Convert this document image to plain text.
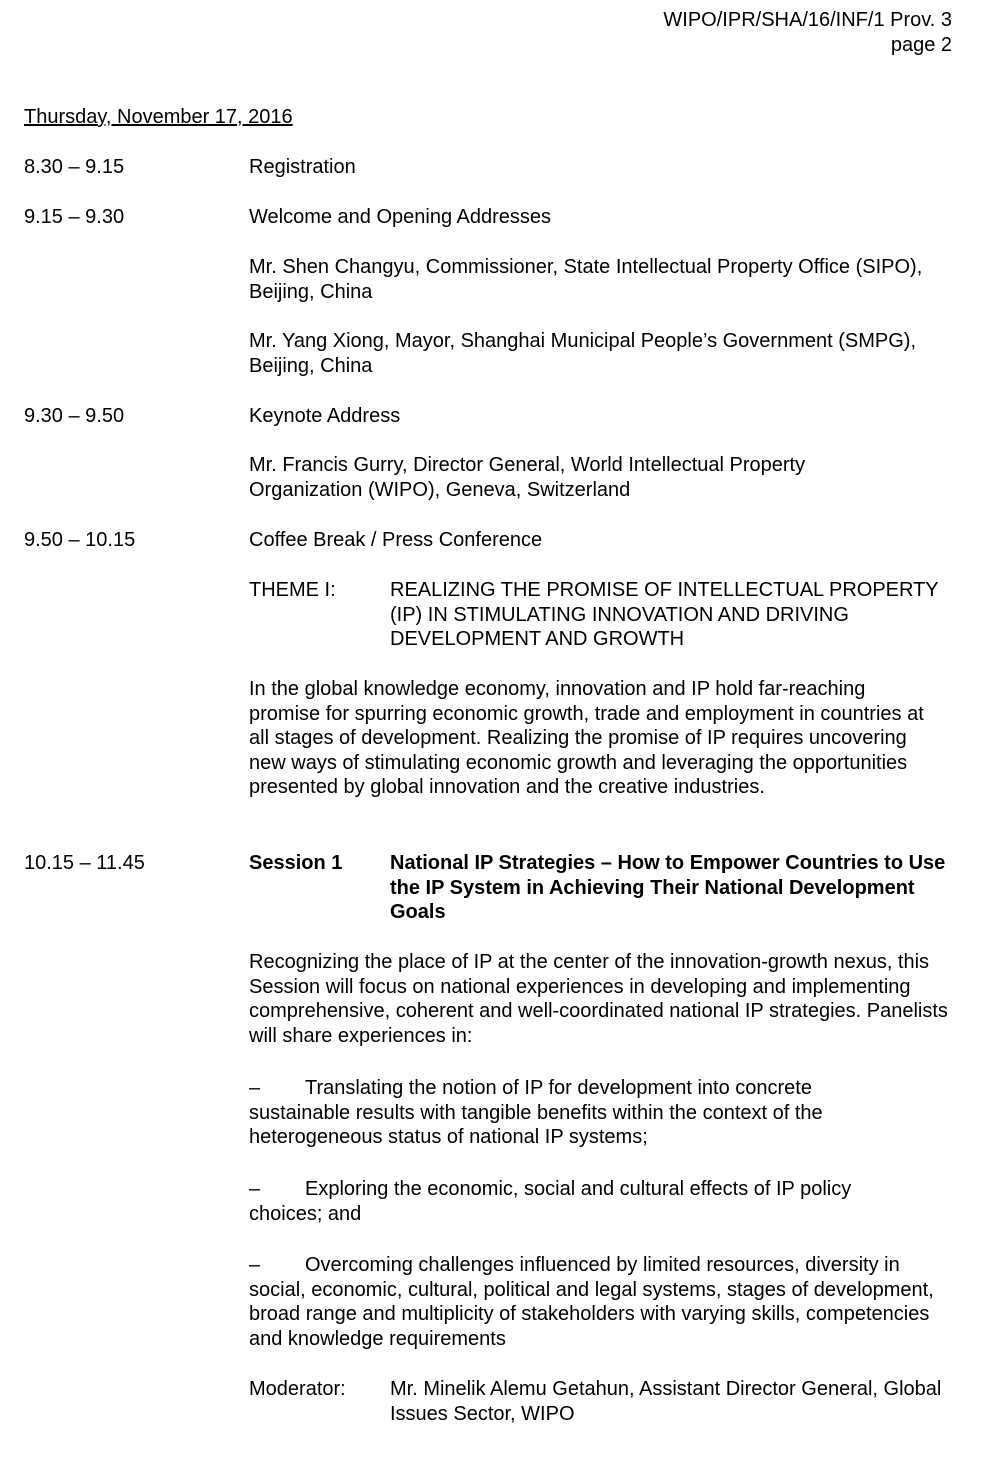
WIPO/IPR/SHA/16/INF/1 Prov. 3
page 2
Thursday, November 17, 2016
8.30 – 9.15	Registration
9.15 – 9.30	Welcome and Opening Addresses
Mr. Shen Changyu, Commissioner, State Intellectual Property Office (SIPO), Beijing, China
Mr. Yang Xiong, Mayor, Shanghai Municipal People’s Government (SMPG), Beijing, China
9.30 – 9.50	Keynote Address
Mr. Francis Gurry, Director General, World Intellectual Property Organization (WIPO), Geneva, Switzerland
9.50 – 10.15	Coffee Break / Press Conference
THEME I:	REALIZING THE PROMISE OF INTELLECTUAL PROPERTY (IP) IN STIMULATING INNOVATION AND DRIVING DEVELOPMENT AND GROWTH
In the global knowledge economy, innovation and IP hold far-reaching promise for spurring economic growth, trade and employment in countries at all stages of development. Realizing the promise of IP requires uncovering new ways of stimulating economic growth and leveraging the opportunities presented by global innovation and the creative industries.
10.15 – 11.45	Session 1 National IP Strategies – How to Empower Countries to Use the IP System in Achieving Their National Development Goals
Recognizing the place of IP at the center of the innovation-growth nexus, this Session will focus on national experiences in developing and implementing comprehensive, coherent and well-coordinated national IP strategies. Panelists will share experiences in:
– Translating the notion of IP for development into concrete sustainable results with tangible benefits within the context of the heterogeneous status of national IP systems;
– Exploring the economic, social and cultural effects of IP policy choices; and
– Overcoming challenges influenced by limited resources, diversity in social, economic, cultural, political and legal systems, stages of development, broad range and multiplicity of stakeholders with varying skills, competencies and knowledge requirements
Moderator: Mr. Minelik Alemu Getahun, Assistant Director General, Global Issues Sector, WIPO
